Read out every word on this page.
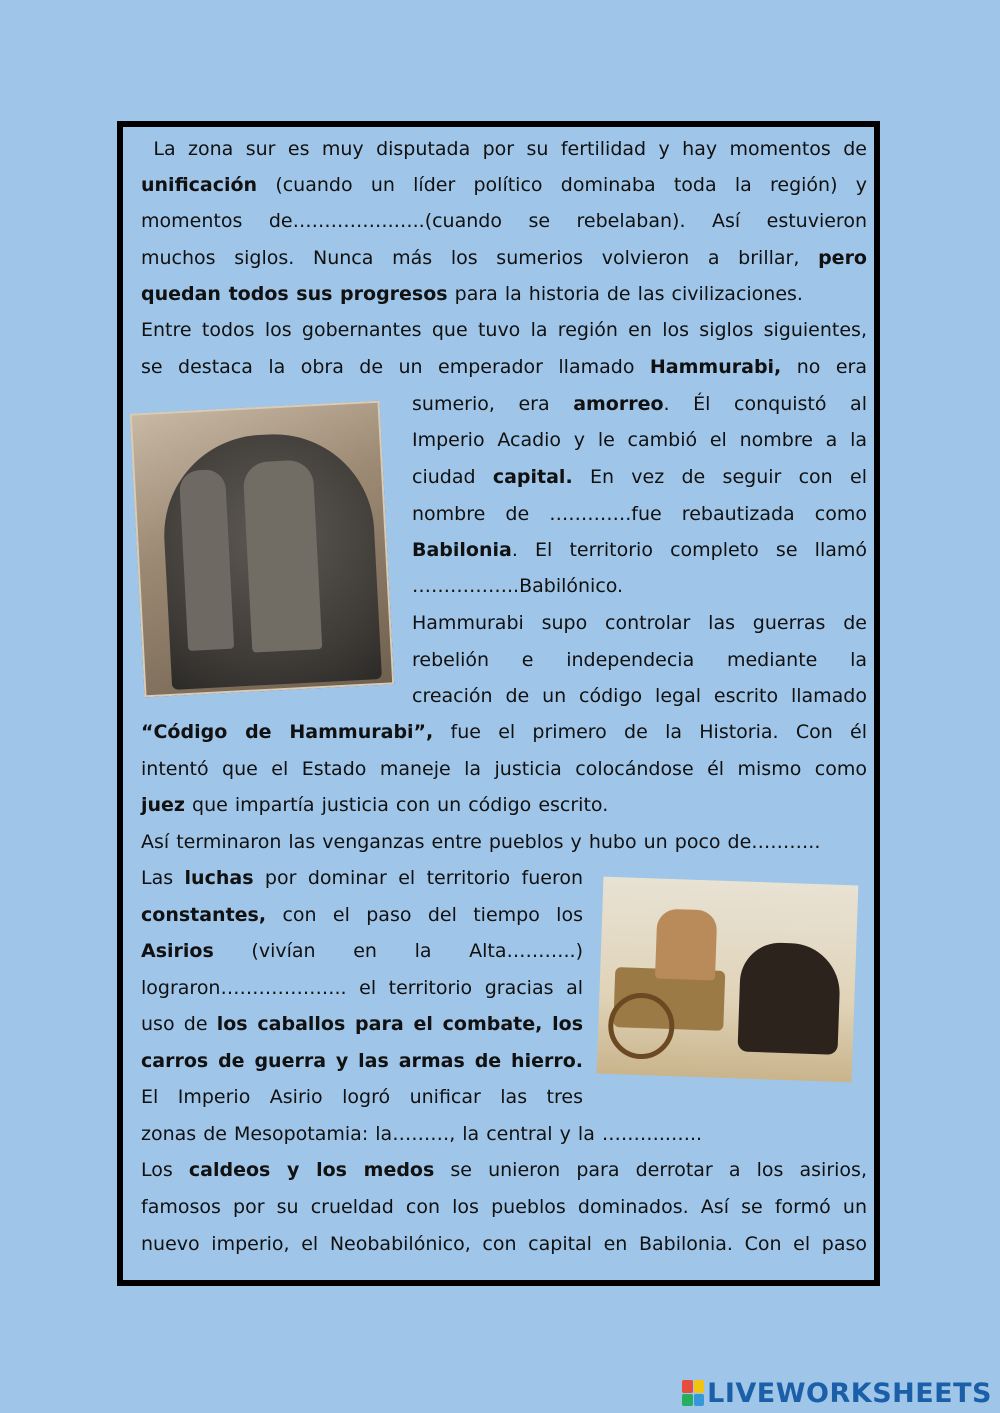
La zona sur es muy disputada por su fertilidad y hay momentos de
unificación (cuando un líder político dominaba toda la región) y
momentos de…………….…..(cuando se rebelaban). Así estuvieron
muchos siglos. Nunca más los sumerios volvieron a brillar, pero
quedan todos sus progresos para la historia de las civilizaciones.
Entre todos los gobernantes que tuvo la región en los siglos siguientes,
se destaca la obra de un emperador llamado Hammurabi, no era
sumerio, era amorreo. Él conquistó al
Imperio Acadio y le cambió el nombre a la
ciudad capital. En vez de seguir con el
nombre de ………….fue rebautizada como
Babilonia. El territorio completo se llamó
……………..Babilónico.
Hammurabi supo controlar las guerras de
rebelión e independecia mediante la
creación de un código legal escrito llamado
“Código de Hammurabi”, fue el primero de la Historia. Con él
intentó que el Estado maneje la justicia colocándose él mismo como
juez que impartía justicia con un código escrito.
Así terminaron las venganzas entre pueblos y hubo un poco de………..
Las luchas por dominar el territorio fueron
constantes, con el paso del tiempo los
Asirios (vivían en la Alta………..)
lograron……………….. el territorio gracias al
uso de los caballos para el combate, los
carros de guerra y las armas de hierro.
El Imperio Asirio logró unificar las tres
zonas de Mesopotamia: la………, la central y la ………..…..
Los caldeos y los medos se unieron para derrotar a los asirios,
famosos por su crueldad con los pueblos dominados. Así se formó un
nuevo imperio, el Neobabilónico, con capital en Babilonia. Con el paso
LIVEWORKSHEETS
